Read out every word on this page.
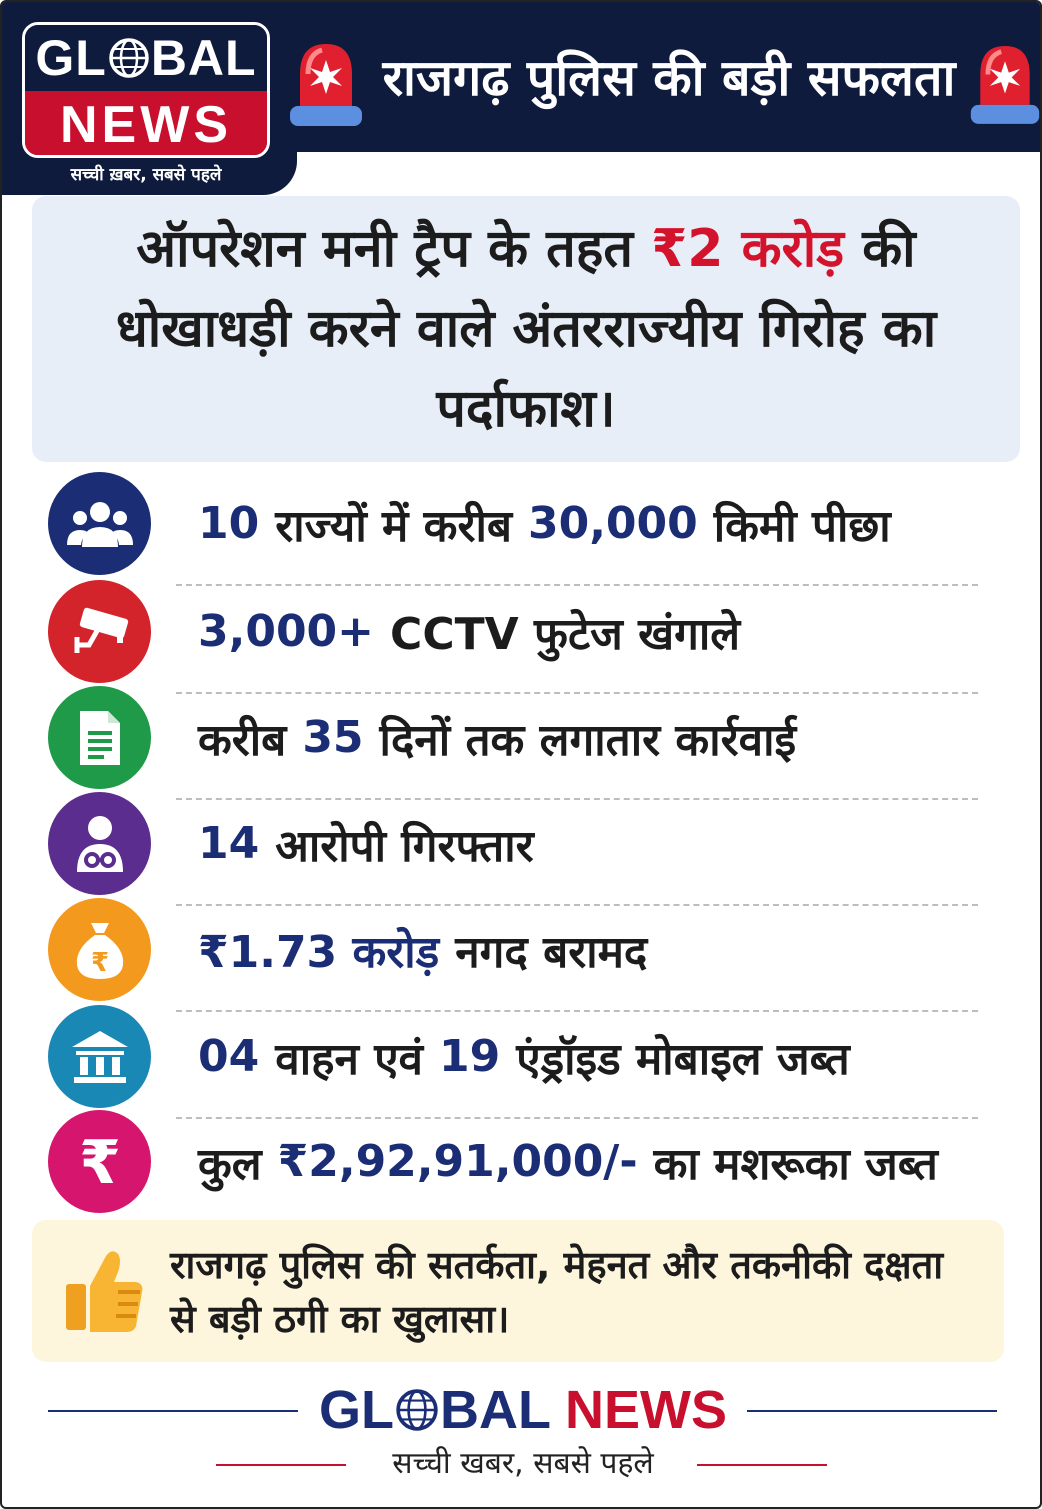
GL BAL
NEWS
सच्ची ख़बर, सबसे पहले
राजगढ़ पुलिस की बड़ी सफलता

ऑपरेशन मनी ट्रैप के तहत ₹2 करोड़ की धोखाधड़ी करने वाले अंतरराज्यीय गिरोह का पर्दाफाश।

10 राज्यों में करीब 30,000 किमी पीछा
3,000+ CCTV फुटेज खंगाले
करीब 35 दिनों तक लगातार कार्रवाई
14 आरोपी गिरफ्तार
₹ ₹1.73 करोड़ नगद बरामद
04 वाहन एवं 19 एंड्रॉइड मोबाइल जब्त
₹ कुल ₹2,92,91,000/- का मशरूका जब्त

राजगढ़ पुलिस की सतर्कता, मेहनत और तकनीकी दक्षता से बड़ी ठगी का खुलासा।

GL BAL NEWS
सच्ची खबर, सबसे पहले
